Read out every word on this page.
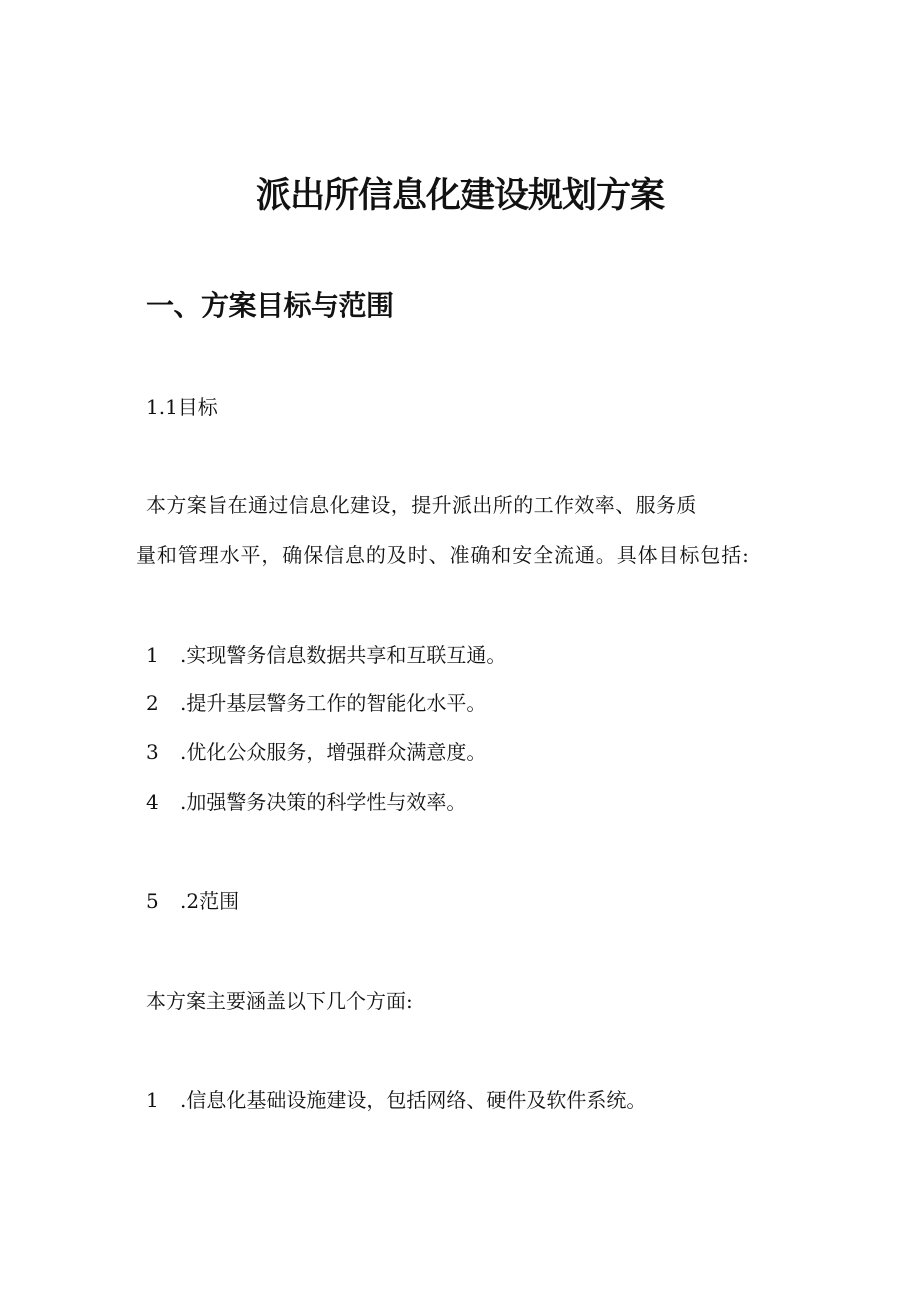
派出所信息化建设规划方案
一、方案目标与范围
1.1目标
本方案旨在通过信息化建设，提升派出所的工作效率、服务质
量和管理水平，确保信息的及时、准确和安全流通。具体目标包括:
1 .实现警务信息数据共享和互联互通。
2 .提升基层警务工作的智能化水平。
3 .优化公众服务，增强群众满意度。
4 .加强警务决策的科学性与效率。
5 .2范围
本方案主要涵盖以下几个方面:
1 .信息化基础设施建设，包括网络、硬件及软件系统。
